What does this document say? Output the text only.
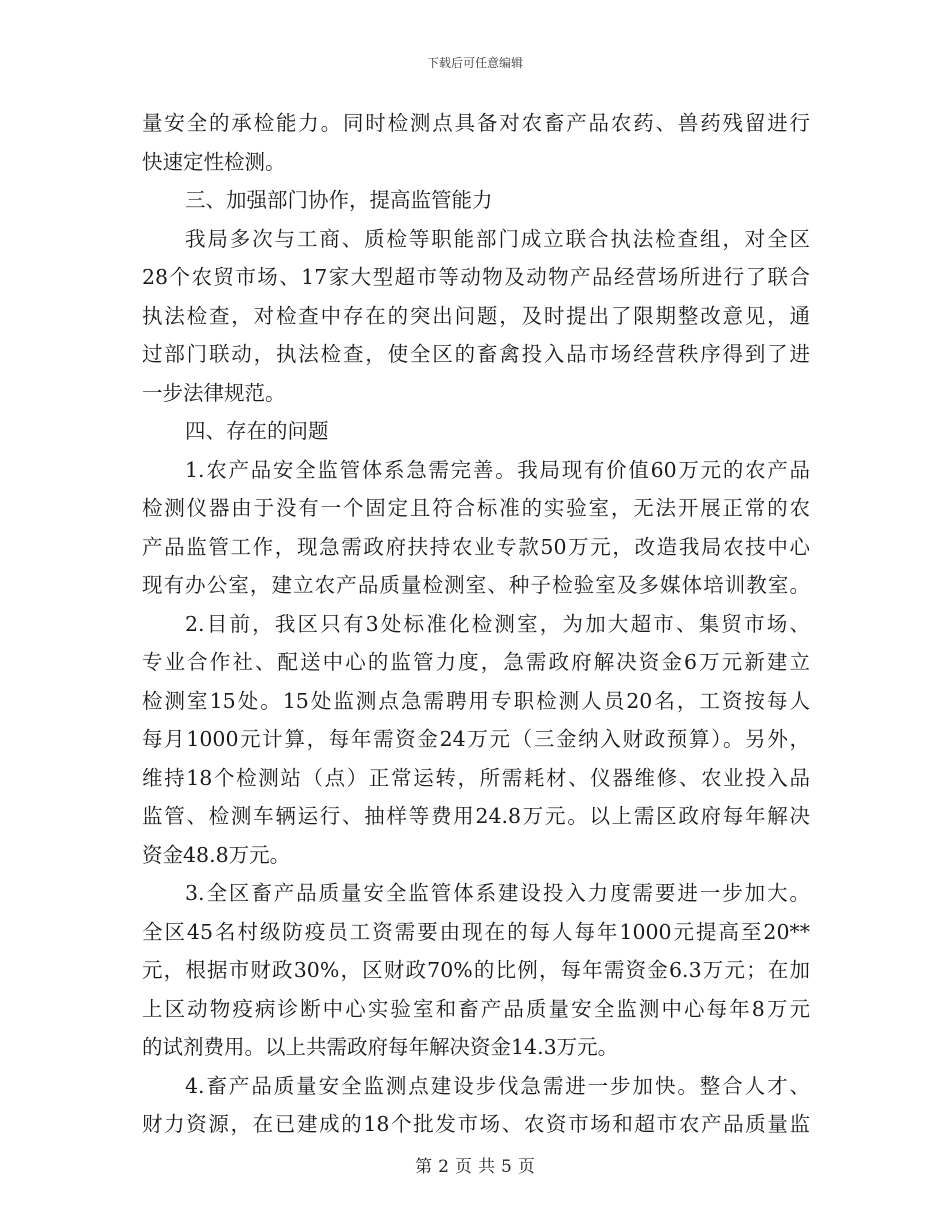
下载后可任意编辑
量安全的承检能力。同时检测点具备对农畜产品农药、兽药残留进行
快速定性检测。
三、加强部门协作，提高监管能力
我局多次与工商、质检等职能部门成立联合执法检查组，对全区
28个农贸市场、17家大型超市等动物及动物产品经营场所进行了联合
执法检查，对检查中存在的突出问题，及时提出了限期整改意见，通
过部门联动，执法检查，使全区的畜禽投入品市场经营秩序得到了进
一步法律规范。
四、存在的问题
1.农产品安全监管体系急需完善。我局现有价值60万元的农产品
检测仪器由于没有一个固定且符合标准的实验室，无法开展正常的农
产品监管工作，现急需政府扶持农业专款50万元，改造我局农技中心
现有办公室，建立农产品质量检测室、种子检验室及多媒体培训教室。
2.目前，我区只有3处标准化检测室，为加大超市、集贸市场、
专业合作社、配送中心的监管力度，急需政府解决资金6万元新建立
检测室15处。15处监测点急需聘用专职检测人员20名，工资按每人
每月1000元计算，每年需资金24万元（三金纳入财政预算）。另外，
维持18个检测站（点）正常运转，所需耗材、仪器维修、农业投入品
监管、检测车辆运行、抽样等费用24.8万元。以上需区政府每年解决
资金48.8万元。
3.全区畜产品质量安全监管体系建设投入力度需要进一步加大。
全区45名村级防疫员工资需要由现在的每人每年1000元提高至20**
元，根据市财政30%，区财政70%的比例，每年需资金6.3万元；在加
上区动物疫病诊断中心实验室和畜产品质量安全监测中心每年8万元
的试剂费用。以上共需政府每年解决资金14.3万元。
4.畜产品质量安全监测点建设步伐急需进一步加快。整合人才、
财力资源，在已建成的18个批发市场、农资市场和超市农产品质量监
第 2 页 共 5 页
